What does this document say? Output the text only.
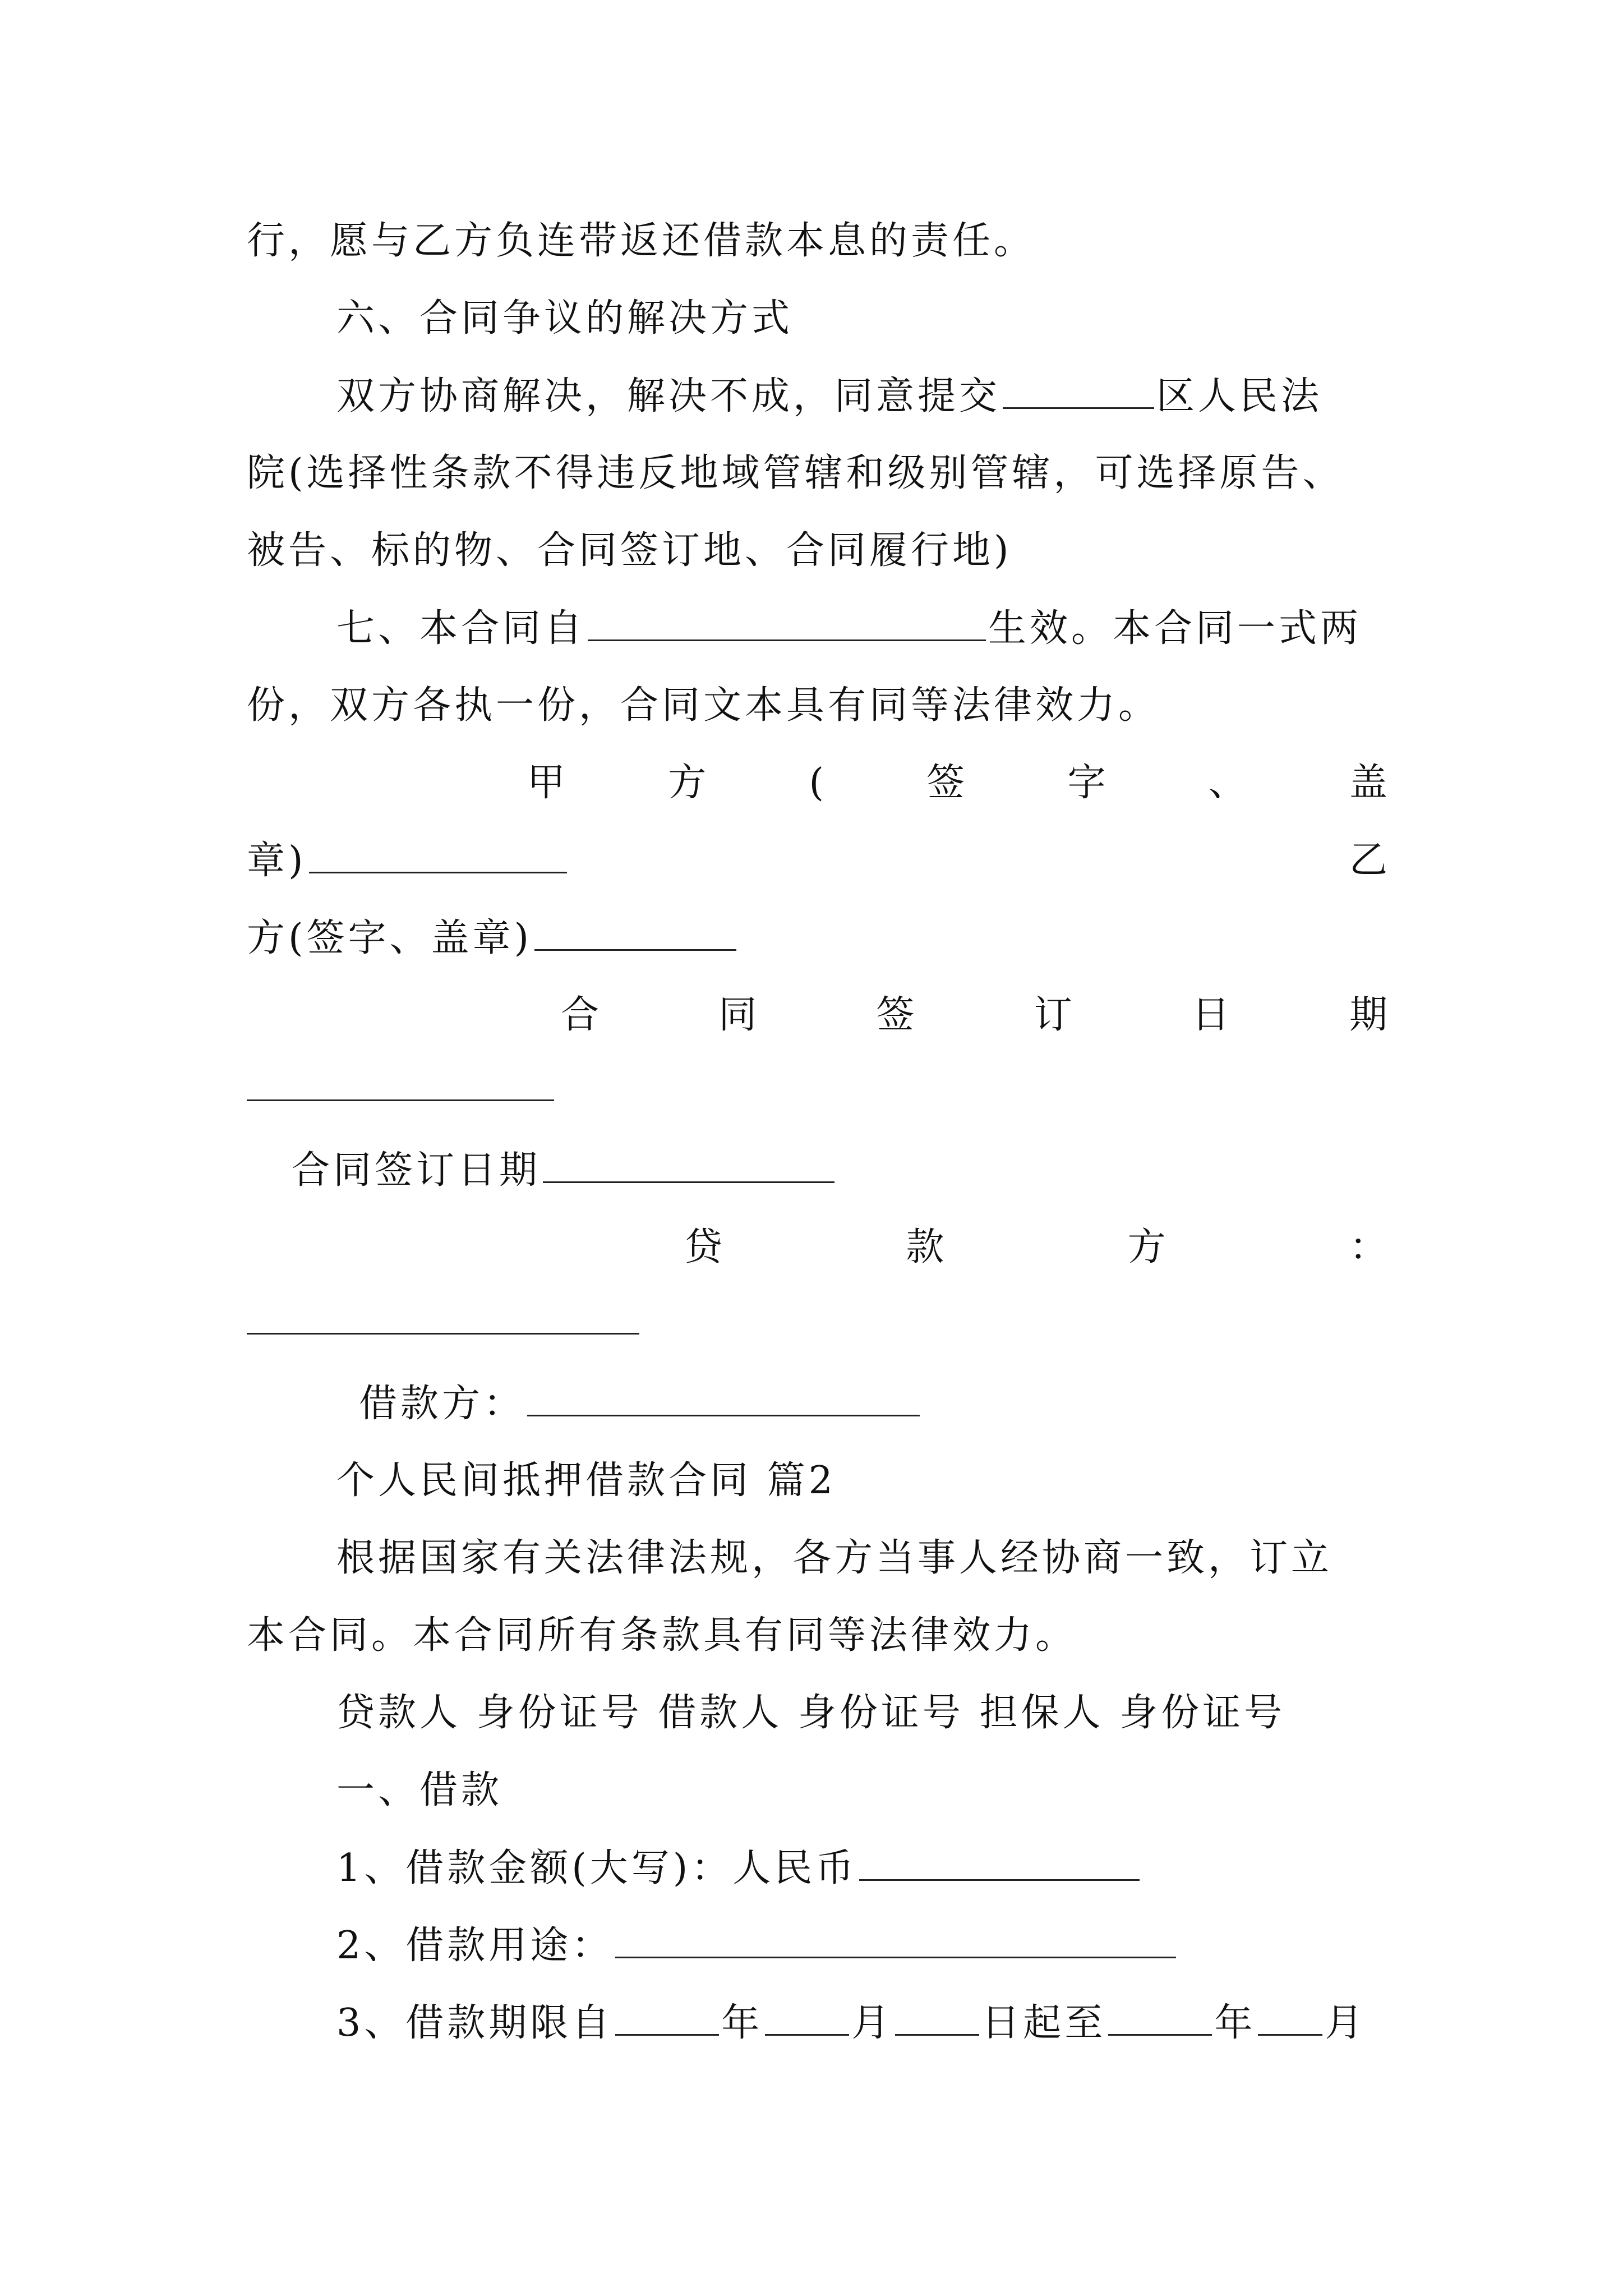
行，愿与乙方负连带返还借款本息的责任。
六、合同争议的解决方式
双方协商解决，解决不成，同意提交	区人民法
院(选择性条款不得违反地域管辖和级别管辖，可选择原告、
被告、标的物、合同签订地、合同履行地)
七、本合同自	生效。本合同一式两
份，双方各执一份，合同文本具有同等法律效力。
甲	方	(	签	字	、	盖
章)	乙
方(签字、盖章)
合	同	签	订	日	期
合同签订日期
贷	款	方	：
借款方：
个人民间抵押借款合同 篇2
根据国家有关法律法规，各方当事人经协商一致，订立
本合同。本合同所有条款具有同等法律效力。
贷款人 身份证号 借款人 身份证号 担保人 身份证号
一、借款
1、借款金额(大写)：人民币
2、借款用途：
3、借款期限自	年 月 日起至	年 月
